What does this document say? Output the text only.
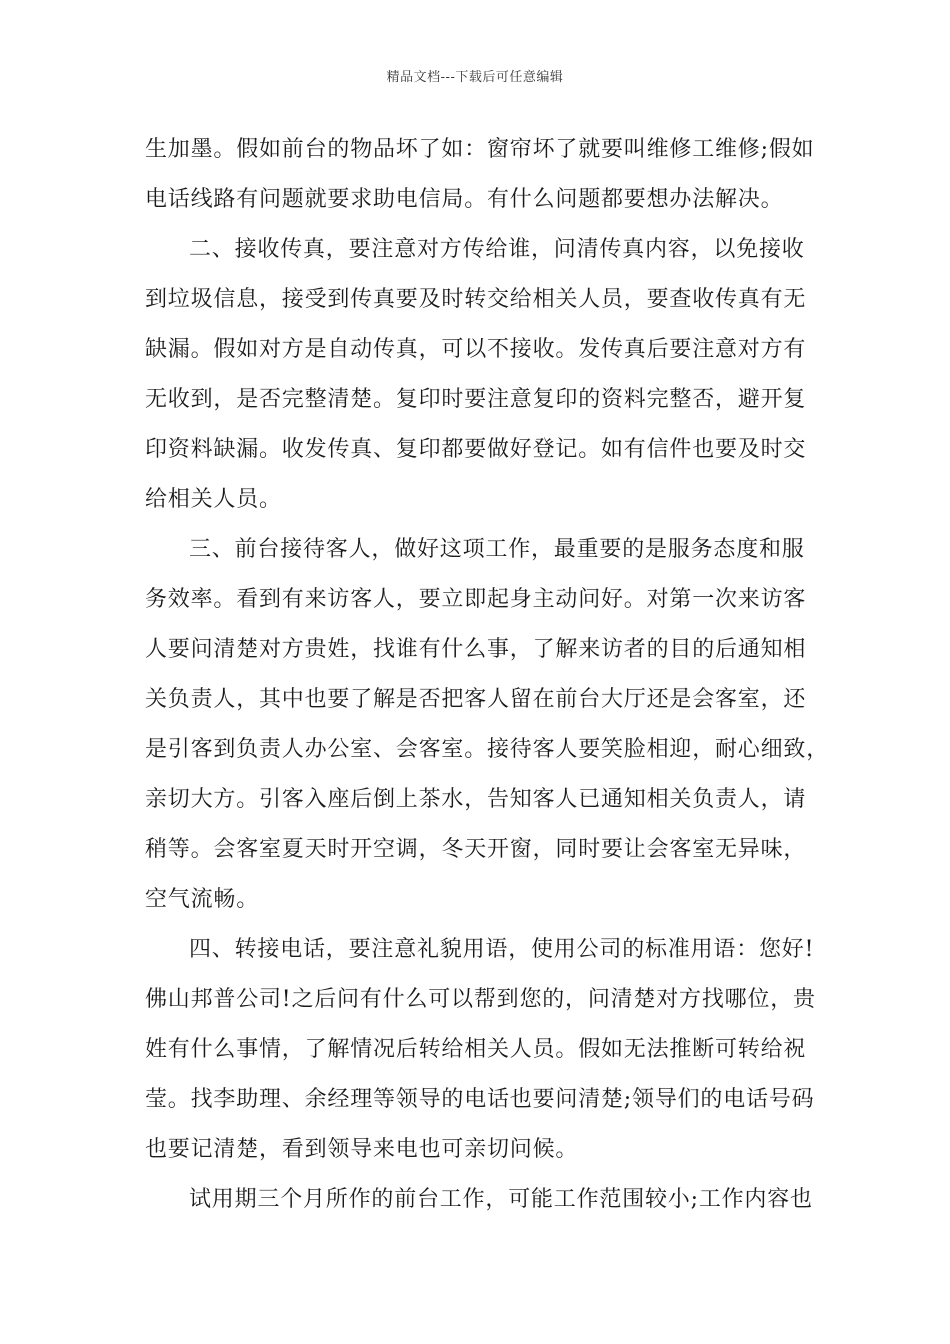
精品文档---下载后可任意编辑
生加墨。假如前台的物品坏了如：窗帘坏了就要叫维修工维修;假如
电话线路有问题就要求助电信局。有什么问题都要想办法解决。
二、接收传真，要注意对方传给谁，问清传真内容，以免接收
到垃圾信息，接受到传真要及时转交给相关人员，要查收传真有无
缺漏。假如对方是自动传真，可以不接收。发传真后要注意对方有
无收到，是否完整清楚。复印时要注意复印的资料完整否，避开复
印资料缺漏。收发传真、复印都要做好登记。如有信件也要及时交
给相关人员。
三、前台接待客人，做好这项工作，最重要的是服务态度和服
务效率。看到有来访客人，要立即起身主动问好。对第一次来访客
人要问清楚对方贵姓，找谁有什么事，了解来访者的目的后通知相
关负责人，其中也要了解是否把客人留在前台大厅还是会客室，还
是引客到负责人办公室、会客室。接待客人要笑脸相迎，耐心细致，
亲切大方。引客入座后倒上茶水，告知客人已通知相关负责人，请
稍等。会客室夏天时开空调，冬天开窗，同时要让会客室无异味，
空气流畅。
四、转接电话，要注意礼貌用语，使用公司的标准用语：您好!
佛山邦普公司!之后问有什么可以帮到您的，问清楚对方找哪位，贵
姓有什么事情，了解情况后转给相关人员。假如无法推断可转给祝
莹。找李助理、余经理等领导的电话也要问清楚;领导们的电话号码
也要记清楚，看到领导来电也可亲切问候。
试用期三个月所作的前台工作，可能工作范围较小;工作内容也
